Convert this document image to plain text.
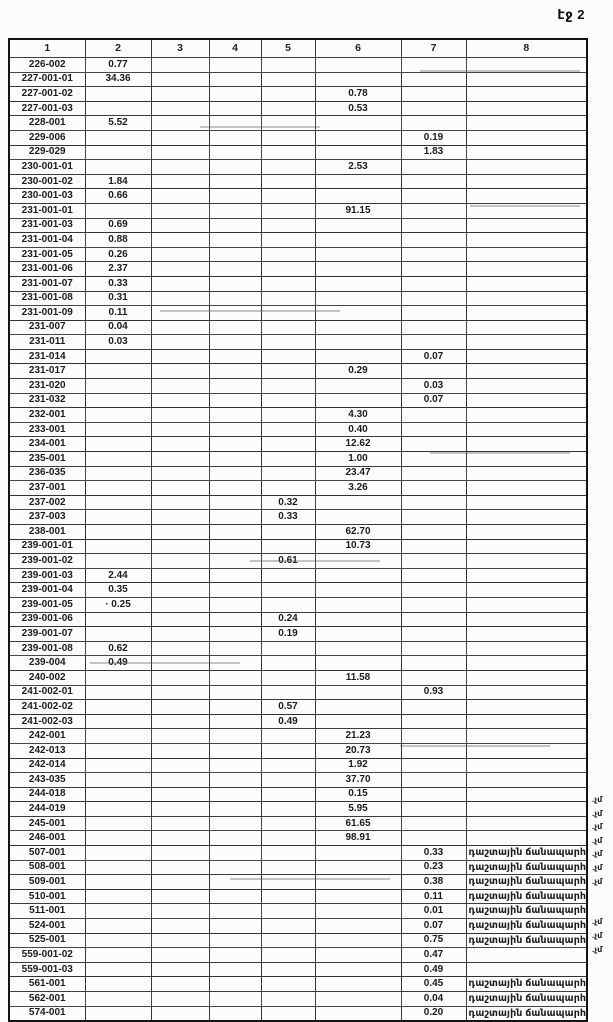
էջ 2
1	2	3	4	5	6	7	8
226-002	0.77						
227-001-01	34.36						
227-001-02					0.78		
227-001-03					0.53		
228-001	5.52						
229-006						0.19	
229-029						1.83	
230-001-01					2.53		
230-001-02	1.84						
230-001-03	0.66						
231-001-01					91.15		
231-001-03	0.69						
231-001-04	0.88						
231-001-05	0.26						
231-001-06	2.37						
231-001-07	0.33						
231-001-08	0.31						
231-001-09	0.11						
231-007	0.04						
231-011	0.03						
231-014						0.07	
231-017					0.29		
231-020						0.03	
231-032						0.07	
232-001					4.30		
233-001					0.40		
234-001					12.62		
235-001					1.00		
236-035					23.47		
237-001					3.26		
237-002				0.32			
237-003				0.33			
238-001					62.70		
239-001-01					10.73		
239-001-02				0.61			
239-001-03	2.44						
239-001-04	0.35						
239-001-05	· 0.25						
239-001-06				0.24			
239-001-07				0.19			
239-001-08	0.62						
239-004	0.49						
240-002					11.58		
241-002-01						0.93	
241-002-02				0.57			
241-002-03				0.49			
242-001					21.23		
242-013					20.73		
242-014					1.92		
243-035					37.70		
244-018					0.15		
244-019					5.95		
245-001					61.65		
246-001					98.91		
507-001						0.33	դաշտային ճանապարհ
508-001						0.23	դաշտային ճանապարհ
509-001						0.38	դաշտային ճանապարհ
510-001						0.11	դաշտային ճանապարհ
511-001						0.01	դաշտային ճանապարհ
524-001						0.07	դաշտային ճանապարհ
525-001						0.75	դաշտային ճանապարհ
559-001-02						0.47	
559-001-03						0.49	
561-001						0.45	դաշտային ճանապարհ
562-001						0.04	դաշտային ճանապարհ
574-001						0.20	դաշտային ճանապարհ
.չմ
.չմ
.չմ
.չմ
.չմ
.չմ
.չմ
.չմ
.չմ
.չմ
